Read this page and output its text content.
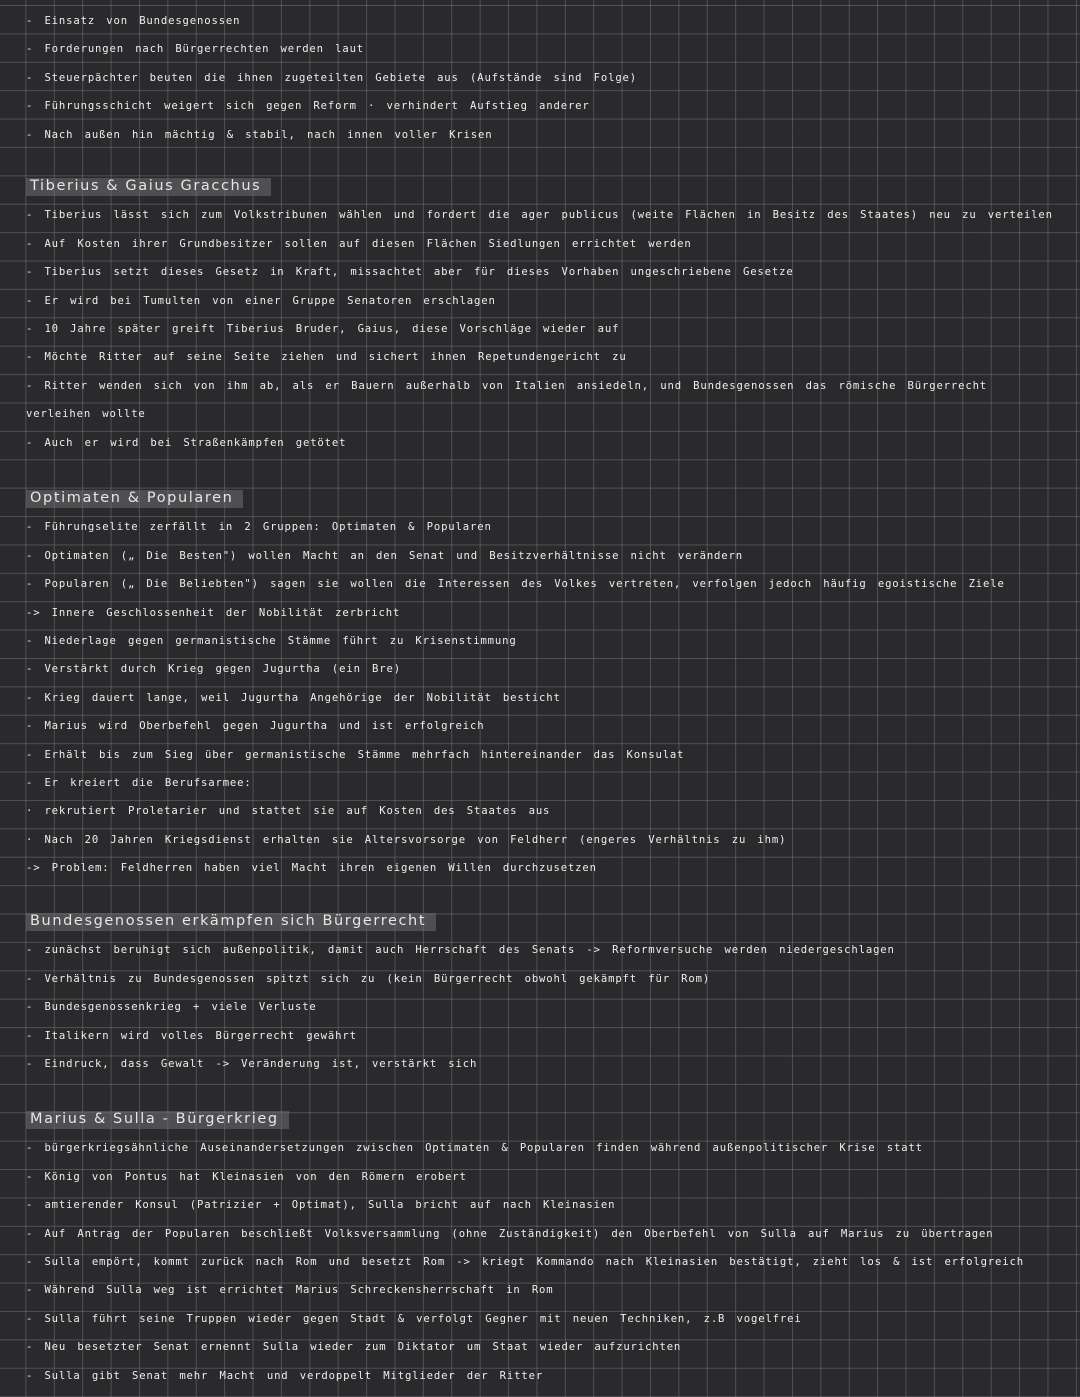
- Einsatz von Bundesgenossen
- Forderungen nach Bürgerrechten werden laut
- Steuerpächter beuten die ihnen zugeteilten Gebiete aus (Aufstände sind Folge)
- Führungsschicht weigert sich gegen Reform · verhindert Aufstieg anderer
- Nach außen hin mächtig & stabil, nach innen voller Krisen
Tiberius & Gaius Gracchus
- Tiberius lässt sich zum Volkstribunen wählen und fordert die ager publicus (weite Flächen in Besitz des Staates) neu zu verteilen
- Auf Kosten ihrer Grundbesitzer sollen auf diesen Flächen Siedlungen errichtet werden
- Tiberius setzt dieses Gesetz in Kraft, missachtet aber für dieses Vorhaben ungeschriebene Gesetze
- Er wird bei Tumulten von einer Gruppe Senatoren erschlagen
- 10 Jahre später greift Tiberius Bruder, Gaius, diese Vorschläge wieder auf
- Möchte Ritter auf seine Seite ziehen und sichert ihnen Repetundengericht zu
- Ritter wenden sich von ihm ab, als er Bauern außerhalb von Italien ansiedeln, und Bundesgenossen das römische Bürgerrecht
verleihen wollte
- Auch er wird bei Straßenkämpfen getötet
Optimaten & Popularen
- Führungselite zerfällt in 2 Gruppen: Optimaten & Popularen
- Optimaten („ Die Besten") wollen Macht an den Senat und Besitzverhältnisse nicht verändern
- Popularen („ Die Beliebten") sagen sie wollen die Interessen des Volkes vertreten, verfolgen jedoch häufig egoistische Ziele
-> Innere Geschlossenheit der Nobilität zerbricht
- Niederlage gegen germanistische Stämme führt zu Krisenstimmung
- Verstärkt durch Krieg gegen Jugurtha (ein Bre)
- Krieg dauert lange, weil Jugurtha Angehörige der Nobilität besticht
- Marius wird Oberbefehl gegen Jugurtha und ist erfolgreich
- Erhält bis zum Sieg über germanistische Stämme mehrfach hintereinander das Konsulat
- Er kreiert die Berufsarmee:
· rekrutiert Proletarier und stattet sie auf Kosten des Staates aus
· Nach 20 Jahren Kriegsdienst erhalten sie Altersvorsorge von Feldherr (engeres Verhältnis zu ihm)
-> Problem: Feldherren haben viel Macht ihren eigenen Willen durchzusetzen
Bundesgenossen erkämpfen sich Bürgerrecht
- zunächst beruhigt sich außenpolitik, damit auch Herrschaft des Senats -> Reformversuche werden niedergeschlagen
- Verhältnis zu Bundesgenossen spitzt sich zu (kein Bürgerrecht obwohl gekämpft für Rom)
- Bundesgenossenkrieg + viele Verluste
- Italikern wird volles Bürgerrecht gewährt
- Eindruck, dass Gewalt -> Veränderung ist, verstärkt sich
Marius & Sulla - Bürgerkrieg
- bürgerkriegsähnliche Auseinandersetzungen zwischen Optimaten & Popularen finden während außenpolitischer Krise statt
- König von Pontus hat Kleinasien von den Römern erobert
- amtierender Konsul (Patrizier + Optimat), Sulla bricht auf nach Kleinasien
- Auf Antrag der Popularen beschließt Volksversammlung (ohne Zuständigkeit) den Oberbefehl von Sulla auf Marius zu übertragen
- Sulla empört, kommt zurück nach Rom und besetzt Rom -> kriegt Kommando nach Kleinasien bestätigt, zieht los & ist erfolgreich
- Während Sulla weg ist errichtet Marius Schreckensherrschaft in Rom
- Sulla führt seine Truppen wieder gegen Stadt & verfolgt Gegner mit neuen Techniken, z.B vogelfrei
- Neu besetzter Senat ernennt Sulla wieder zum Diktator um Staat wieder aufzurichten
- Sulla gibt Senat mehr Macht und verdoppelt Mitglieder der Ritter
